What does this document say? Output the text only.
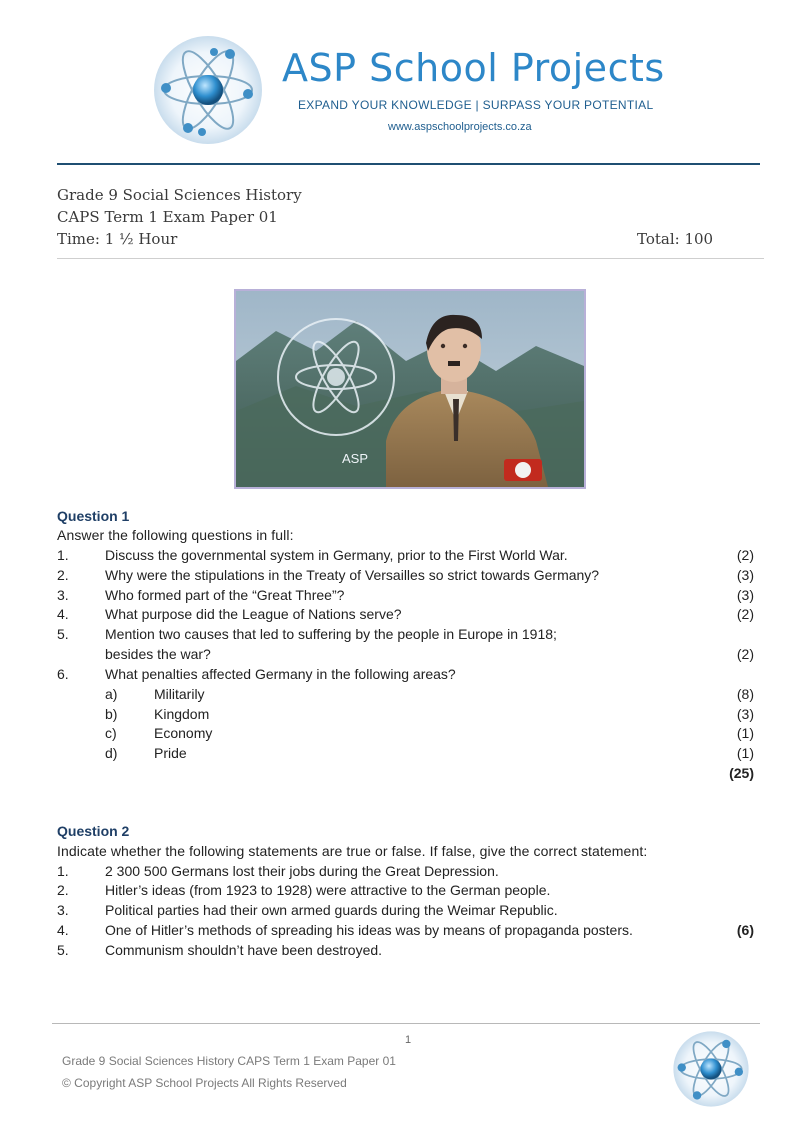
ASP School Projects
EXPAND YOUR KNOWLEDGE | SURPASS YOUR POTENTIAL
www.aspschoolprojects.co.za
Grade 9 Social Sciences History
CAPS Term 1 Exam Paper 01
Time: 1 ½ Hour	Total: 100
ASP
Question 1
Answer the following questions in full:
1.	Discuss the governmental system in Germany, prior to the First World War.	(2)
2.	Why were the stipulations in the Treaty of Versailles so strict towards Germany?	(3)
3.	Who formed part of the “Great Three”?	(3)
4.	What purpose did the League of Nations serve?	(2)
5.	Mention two causes that led to suffering by the people in Europe in 1918;
besides the war?	(2)
6.	What penalties affected Germany in the following areas?
a)	Militarily	(8)
b)	Kingdom	(3)
c)	Economy	(1)
d)	Pride	(1)
(25)
Question 2
Indicate whether the following statements are true or false. If false, give the correct statement:
1.	2 300 500 Germans lost their jobs during the Great Depression.
2.	Hitler’s ideas (from 1923 to 1928) were attractive to the German people.
3.	Political parties had their own armed guards during the Weimar Republic.
4.	One of Hitler’s methods of spreading his ideas was by means of propaganda posters.	(6)
5.	Communism shouldn’t have been destroyed.
1
Grade 9 Social Sciences History CAPS Term 1 Exam Paper 01
© Copyright ASP School Projects All Rights Reserved
